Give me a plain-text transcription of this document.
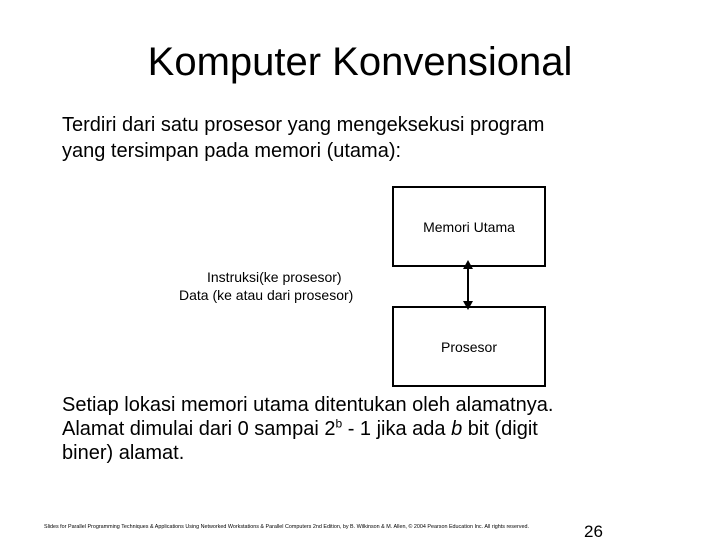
Komputer Konvensional
Terdiri dari satu prosesor yang mengeksekusi program
yang tersimpan pada memori (utama):
Memori Utama
Instruksi(ke prosesor)
Data (ke atau dari prosesor)
Prosesor
Setiap lokasi memori utama ditentukan oleh alamatnya.
Alamat dimulai dari 0 sampai 2$^b$ - 1 jika ada b bit (digit
biner) alamat.
Slides for Parallel Programming Techniques & Applications Using Networked Workstations & Parallel Computers 2nd Edition, by B. Wilkinson & M. Allen, © 2004 Pearson Education Inc. All rights reserved.	26
